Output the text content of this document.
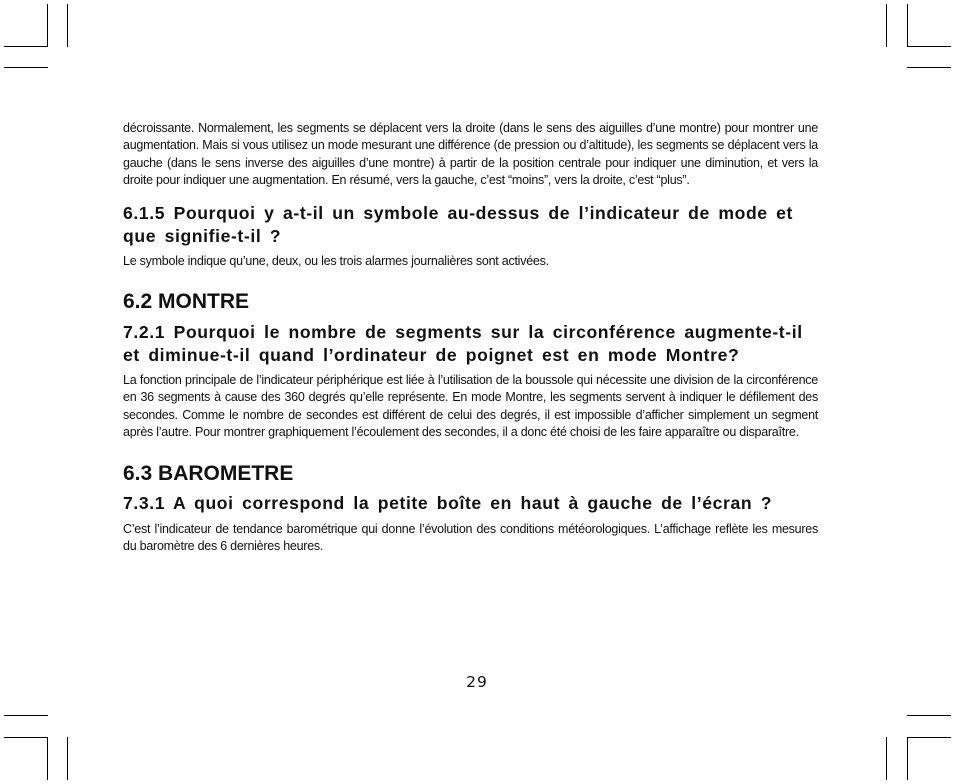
décroissante. Normalement, les segments se déplacent vers la droite (dans le sens des aiguilles d’une montre) pour montrer une augmentation. Mais si vous utilisez un mode mesurant une différence (de pression ou d’altitude), les segments se déplacent vers la gauche (dans le sens inverse des aiguilles d’une montre) à partir de la position centrale pour indiquer une diminution, et vers la droite pour indiquer une augmentation. En résumé, vers la gauche, c’est “moins”, vers la droite, c’est “plus”.

6.1.5 Pourquoi y a-t-il un symbole au-dessus de l’indicateur de mode et que signifie-t-il ?

Le symbole indique qu’une, deux, ou les trois alarmes journalières sont activées.

6.2 MONTRE
7.2.1 Pourquoi le nombre de segments sur la circonférence augmente-t-il et diminue-t-il quand l’ordinateur de poignet est en mode Montre?

La fonction principale de l’indicateur périphérique est liée à l’utilisation de la boussole qui nécessite une division de la circonférence en 36 segments à cause des 360 degrés qu’elle représente. En mode Montre, les segments servent à indiquer le défilement des secondes. Comme le nombre de secondes est différent de celui des degrés, il est impossible d’afficher simplement un segment après l’autre. Pour montrer graphiquement l’écoulement des secondes, il a donc été choisi de les faire apparaître ou disparaître.

6.3 BAROMETRE
7.3.1 A quoi correspond la petite boîte en haut à gauche de l’écran ?

C’est l’indicateur de tendance barométrique qui donne l’évolution des conditions météorologiques. L’affichage reflète les mesures du baromètre des 6 dernières heures.

29
